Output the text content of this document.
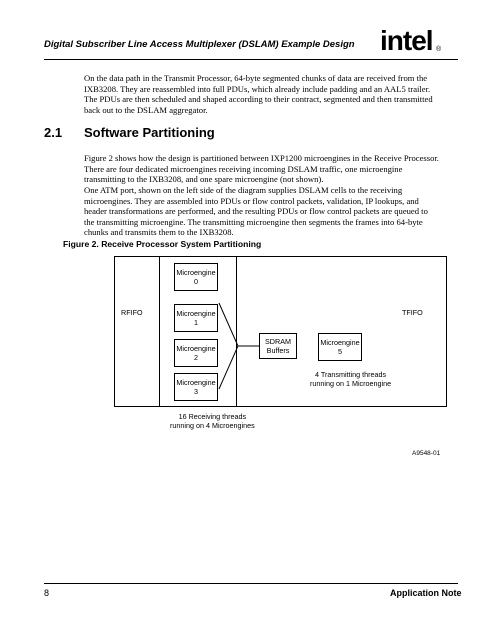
Digital Subscriber Line Access Multiplexer (DSLAM) Example Design intel ®
On the data path in the Transmit Processor, 64-byte segmented chunks of data are received from the IXB3208. They are reassembled into full PDUs, which already include padding and an AAL5 trailer. The PDUs are then scheduled and shaped according to their contract, segmented and then transmitted back out to the DSLAM aggregator.
2.1 Software Partitioning
Figure 2 shows how the design is partitioned between IXP1200 microengines in the Receive Processor. There are four dedicated microengines receiving incoming DSLAM traffic, one microengine transmitting to the IXB3208, and one spare microengine (not shown).
One ATM port, shown on the left side of the diagram supplies DSLAM cells to the receiving microengines. They are assembled into PDUs or flow control packets, validation, IP lookups, and header transformations are performed, and the resulting PDUs or flow control packets are queued to the transmitting microengine. The transmitting microengine then segments the frames into 64-byte chunks and transmits them to the IXB3208.
Figure 2. Receive Processor System Partitioning
RFIFO	TFIFO
Microengine
0
Microengine
1
Microengine
2
Microengine
3
SDRAM
Buffers
Microengine
5
4 Transmitting threads
running on 1 Microengine
16 Receiving threads
running on 4 Microengines
A9548-01
8	Application Note
